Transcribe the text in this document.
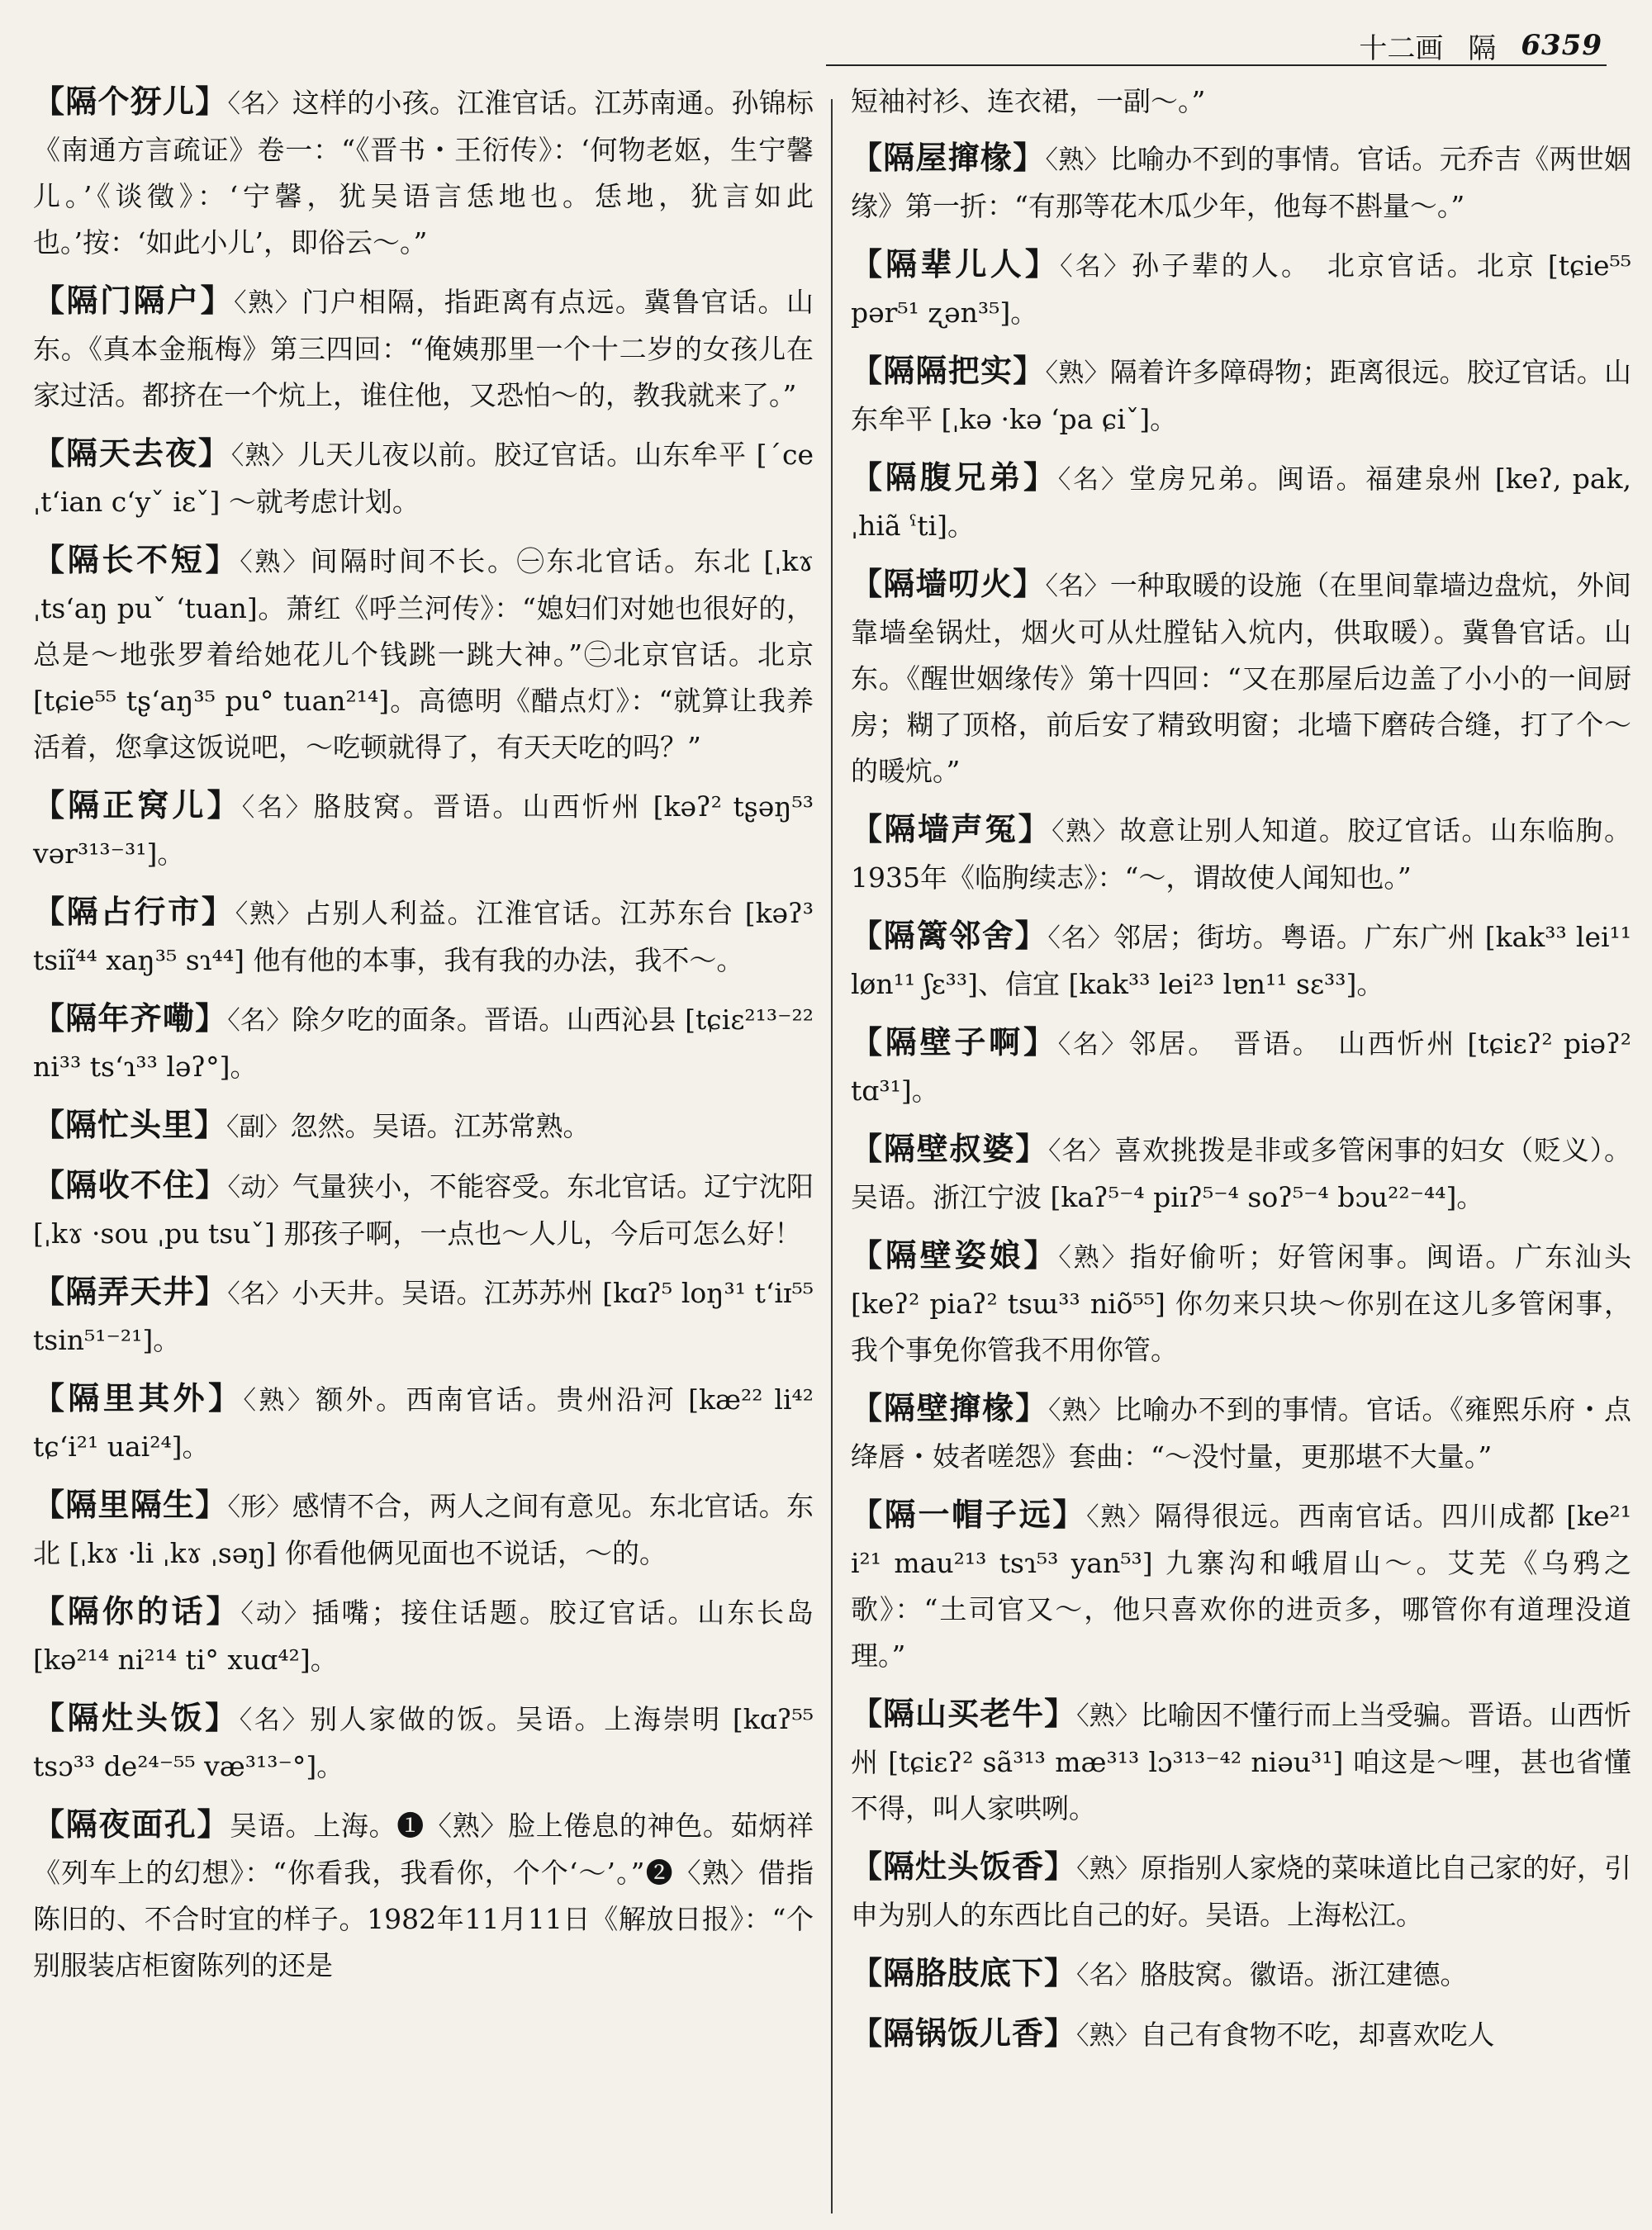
十二画 隔 6359
【隔个犽儿】〈名〉这样的小孩。江淮官话。江苏南通。孙锦标《南通方言疏证》卷一：“《晋书・王衍传》：‘何物老妪，生宁馨儿。’《谈徵》：‘宁馨，犹吴语言恁地也。恁地，犹言如此也。’按：‘如此小儿’，即俗云～。”
【隔门隔户】〈熟〉门户相隔，指距离有点远。冀鲁官话。山东。《真本金瓶梅》第三四回：“俺姨那里一个十二岁的女孩儿在家过活。都挤在一个炕上，谁住他，又恐怕～的，教我就来了。”
【隔天去夜】〈熟〉儿天儿夜以前。胶辽官话。山东牟平 [ˊce ˌtʻian cʻyˇ iɛˇ] ～就考虑计划。
【隔长不短】〈熟〉间隔时间不长。㊀东北官话。东北 [ˌkɤ ˌtsʻaŋ puˇ ʻtuan]。萧红《呼兰河传》：“媳妇们对她也很好的，总是～地张罗着给她花儿个钱跳一跳大神。”㊁北京官话。北京 [tɕie⁵⁵ tʂʻaŋ³⁵ pu° tuan²¹⁴]。高德明《醋点灯》：“就算让我养活着，您拿这饭说吧，～吃顿就得了，有天天吃的吗？”
【隔正窝儿】〈名〉胳肢窝。晋语。山西忻州 [kəʔ² tʂəŋ⁵³ vər³¹³⁻³¹]。
【隔占行市】〈熟〉占别人利益。江淮官话。江苏东台 [kəʔ³ tsiĩ⁴⁴ xaŋ³⁵ sɿ⁴⁴] 他有他的本事，我有我的办法，我不～。
【隔年齐嘞】〈名〉除夕吃的面条。晋语。山西沁县 [tɕiɛ²¹³⁻²² ni³³ tsʻɿ³³ ləʔ°]。
【隔忙头里】〈副〉忽然。吴语。江苏常熟。
【隔收不住】〈动〉气量狭小，不能容受。东北官话。辽宁沈阳 [ˌkɤ ·sou ˌpu tsuˇ] 那孩子啊，一点也～人儿，今后可怎么好！
【隔弄天井】〈名〉小天井。吴语。江苏苏州 [kɑʔ⁵ loŋ³¹ tʻiɪ⁵⁵ tsin⁵¹⁻²¹]。
【隔里其外】〈熟〉额外。西南官话。贵州沿河 [kæ²² li⁴² tɕʻi²¹ uai²⁴]。
【隔里隔生】〈形〉感情不合，两人之间有意见。东北官话。东北 [ˌkɤ ·li ˌkɤ ˌsəŋ] 你看他俩见面也不说话，～的。
【隔你的话】〈动〉插嘴；接住话题。胶辽官话。山东长岛 [kə²¹⁴ ni²¹⁴ ti° xuɑ⁴²]。
【隔灶头饭】〈名〉别人家做的饭。吴语。上海崇明 [kɑʔ⁵⁵ tsɔ³³ de²⁴⁻⁵⁵ væ³¹³⁻°]。
【隔夜面孔】吴语。上海。❶〈熟〉脸上倦息的神色。茹炳祥《列车上的幻想》：“你看我，我看你，个个‘～’。”❷〈熟〉借指陈旧的、不合时宜的样子。1982年11月11日《解放日报》：“个别服装店柜窗陈列的还是
短袖衬衫、连衣裙，一副～。”
【隔屋撺椽】〈熟〉比喻办不到的事情。官话。元乔吉《两世姻缘》第一折：“有那等花木瓜少年，他每不斟量～。”
【隔辈儿人】〈名〉孙子辈的人。　北京官话。北京 [tɕie⁵⁵ pər⁵¹ ʐən³⁵]。
【隔隔把实】〈熟〉隔着许多障碍物；距离很远。胶辽官话。山东牟平 [ˌkə ·kə ʻpa ɕiˇ]。
【隔腹兄弟】〈名〉堂房兄弟。闽语。福建泉州 [keʔ, pak, ˌhiã ˤti]。
【隔墙叨火】〈名〉一种取暖的设施（在里间靠墙边盘炕，外间靠墙垒锅灶，烟火可从灶膛钻入炕内，供取暖）。冀鲁官话。山东。《醒世姻缘传》第十四回：“又在那屋后边盖了小小的一间厨房；糊了顶格，前后安了精致明窗；北墙下磨砖合缝，打了个～的暖炕。”
【隔墙声冤】〈熟〉故意让别人知道。胶辽官话。山东临朐。1935年《临朐续志》：“～，谓故使人闻知也。”
【隔篱邻舍】〈名〉邻居；街坊。粤语。广东广州 [kak³³ lei¹¹ løn¹¹ ʃɛ³³]、信宜 [kak³³ lei²³ lɐn¹¹ sɛ³³]。
【隔壁子啊】〈名〉邻居。　晋语。　山西忻州 [tɕiɛʔ² piəʔ² tɑ³¹]。
【隔壁叔婆】〈名〉喜欢挑拨是非或多管闲事的妇女（贬义）。吴语。浙江宁波 [kaʔ⁵⁻⁴ piɪʔ⁵⁻⁴ soʔ⁵⁻⁴ bɔu²²⁻⁴⁴]。
【隔壁姿娘】〈熟〉指好偷听；好管闲事。闽语。广东汕头 [keʔ² piaʔ² tsɯ³³ niõ⁵⁵] 你勿来只块～你别在这儿多管闲事，我个事免你管我不用你管。
【隔壁撺椽】〈熟〉比喻办不到的事情。官话。《雍熙乐府・点绛唇・妓者嗟怨》套曲：“～没忖量，更那堪不大量。”
【隔一帽子远】〈熟〉隔得很远。西南官话。四川成都 [ke²¹ i²¹ mau²¹³ tsɿ⁵³ yan⁵³] 九寨沟和峨眉山～。艾芜《乌鸦之歌》：“土司官又～，他只喜欢你的进贡多，哪管你有道理没道理。”
【隔山买老牛】〈熟〉比喻因不懂行而上当受骗。晋语。山西忻州 [tɕiɛʔ² sã³¹³ mæ³¹³ lɔ³¹³⁻⁴² niəu³¹] 咱这是～哩，甚也省懂不得，叫人家哄咧。
【隔灶头饭香】〈熟〉原指别人家烧的菜味道比自己家的好，引申为别人的东西比自己的好。吴语。上海松江。
【隔胳肢底下】〈名〉胳肢窝。徽语。浙江建德。
【隔锅饭儿香】〈熟〉自己有食物不吃，却喜欢吃人
